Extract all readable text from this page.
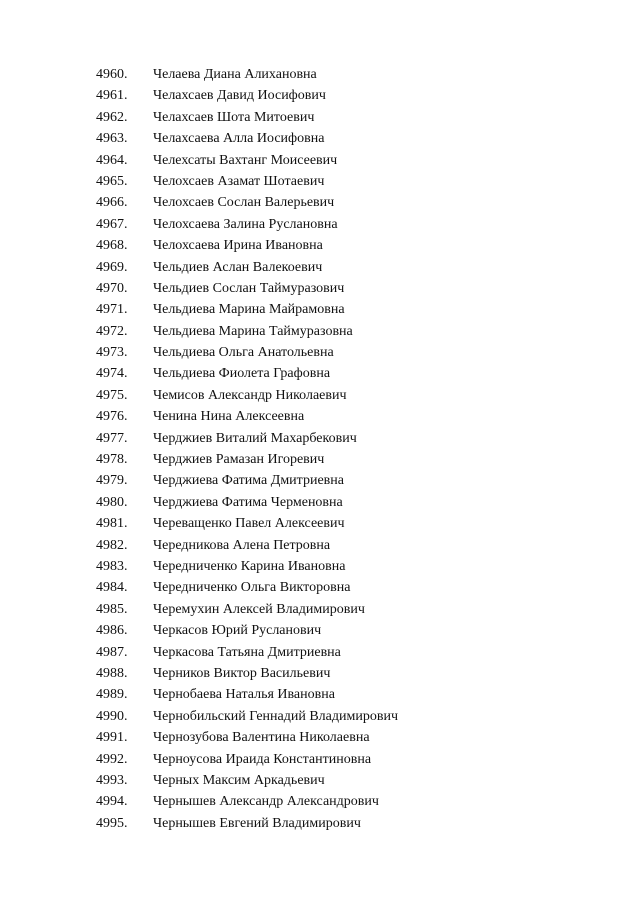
4960.	Челаева Диана Алихановна
4961.	Челахсаев Давид Иосифович
4962.	Челахсаев Шота Митоевич
4963.	Челахсаева Алла Иосифовна
4964.	Челехсаты Вахтанг Моисеевич
4965.	Челохсаев Азамат Шотаевич
4966.	Челохсаев Сослан Валерьевич
4967.	Челохсаева Залина Руслановна
4968.	Челохсаева Ирина Ивановна
4969.	Чельдиев Аслан Валекоевич
4970.	Чельдиев Сослан Таймуразович
4971.	Чельдиева Марина Майрамовна
4972.	Чельдиева Марина Таймуразовна
4973.	Чельдиева Ольга Анатольевна
4974.	Чельдиева Фиолета Графовна
4975.	Чемисов Александр Николаевич
4976.	Ченина Нина Алексеевна
4977.	Черджиев Виталий Махарбекович
4978.	Черджиев Рамазан Игоревич
4979.	Черджиева Фатима Дмитриевна
4980.	Черджиева Фатима Черменовна
4981.	Череващенко Павел Алексеевич
4982.	Чередникова Алена Петровна
4983.	Чередниченко Карина Ивановна
4984.	Чередниченко Ольга Викторовна
4985.	Черемухин Алексей Владимирович
4986.	Черкасов Юрий Русланович
4987.	Черкасова Татьяна Дмитриевна
4988.	Черников Виктор Васильевич
4989.	Чернобаева Наталья Ивановна
4990.	Чернобильский Геннадий Владимирович
4991.	Чернозубова Валентина Николаевна
4992.	Черноусова Ираида Константиновна
4993.	Черных Максим Аркадьевич
4994.	Чернышев Александр Александрович
4995.	Чернышев Евгений Владимирович
